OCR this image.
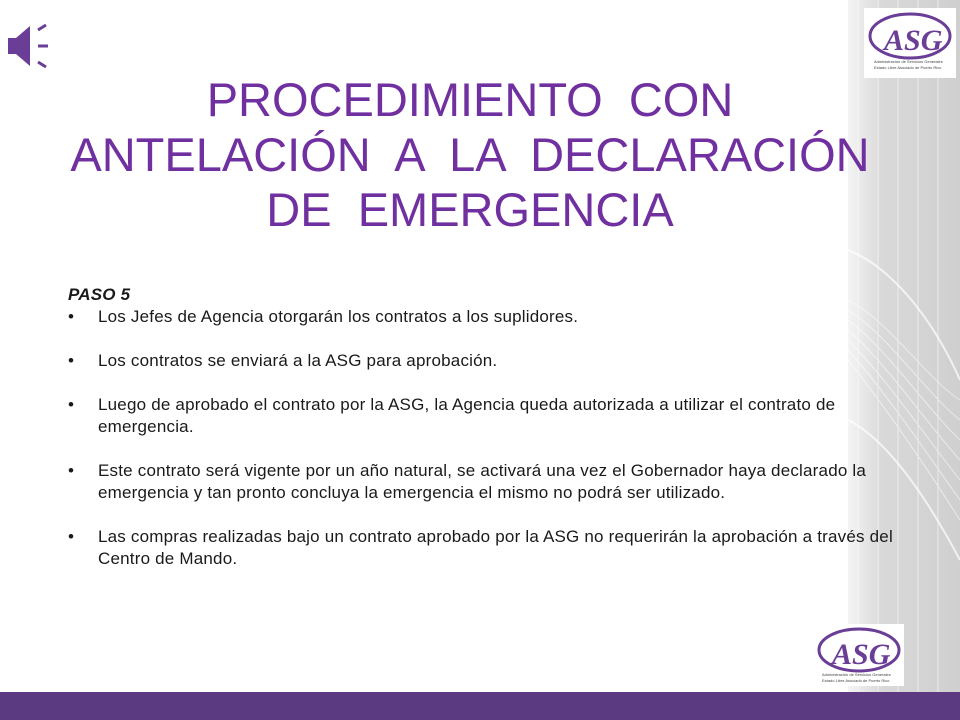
ASG
Administración de Servicios Generales
Estado Libre Asociado de Puerto Rico
PROCEDIMIENTO  CON
ANTELACIÓN  A  LA  DECLARACIÓN
DE  EMERGENCIA
PASO 5
• Los Jefes de Agencia otorgarán los contratos a los suplidores.
• Los contratos se enviará a la ASG para aprobación.
• Luego de aprobado el contrato por la ASG, la Agencia queda autorizada a utilizar el contrato de emergencia.
• Este contrato será vigente por un año natural, se activará una vez el Gobernador haya declarado la emergencia y tan pronto concluya la emergencia el mismo no podrá ser utilizado.
• Las compras realizadas bajo un contrato aprobado por la ASG no requerirán la aprobación a través del Centro de Mando.
ASG
Administración de Servicios Generales
Estado Libre Asociado de Puerto Rico
